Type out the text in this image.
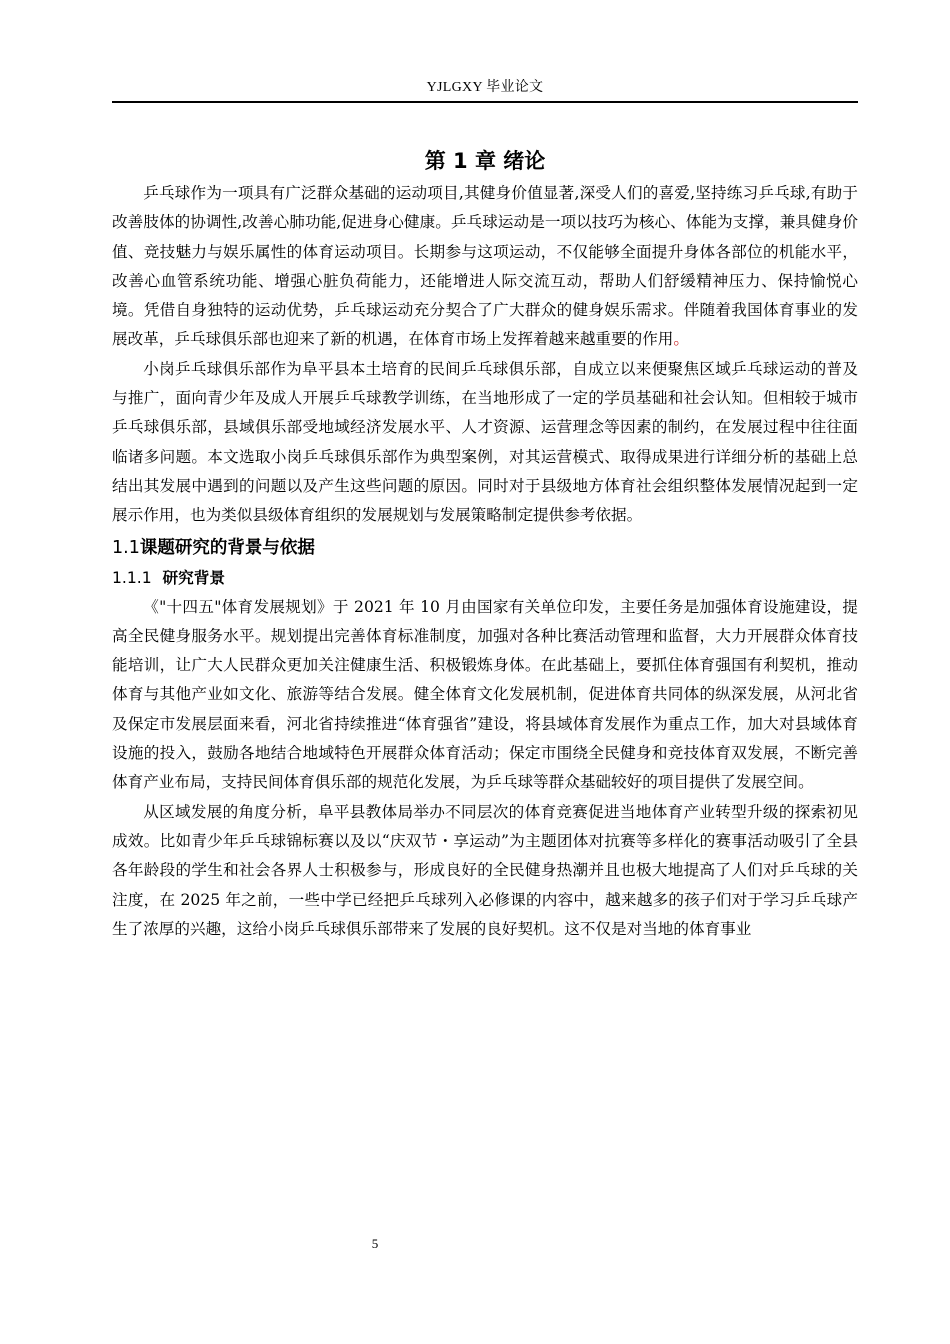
YJLGXY 毕业论文
第 1 章 绪论

乒乓球作为一项具有广泛群众基础的运动项目,其健身价值显著,深受人们的喜爱,坚持练习乒乓球,有助于改善肢体的协调性,改善心肺功能,促进身心健康。乒乓球运动是一项以技巧为核心、体能为支撑，兼具健身价值、竞技魅力与娱乐属性的体育运动项目。长期参与这项运动，不仅能够全面提升身体各部位的机能水平，改善心血管系统功能、增强心脏负荷能力，还能增进人际交流互动，帮助人们舒缓精神压力、保持愉悦心境。凭借自身独特的运动优势，乒乓球运动充分契合了广大群众的健身娱乐需求。伴随着我国体育事业的发展改革，乒乓球俱乐部也迎来了新的机遇，在体育市场上发挥着越来越重要的作用。

小岗乒乓球俱乐部作为阜平县本土培育的民间乒乓球俱乐部，自成立以来便聚焦区域乒乓球运动的普及与推广，面向青少年及成人开展乒乓球教学训练，在当地形成了一定的学员基础和社会认知。但相较于城市乒乓球俱乐部，县域俱乐部受地域经济发展水平、人才资源、运营理念等因素的制约，在发展过程中往往面临诸多问题。本文选取小岗乒乓球俱乐部作为典型案例，对其运营模式、取得成果进行详细分析的基础上总结出其发展中遇到的问题以及产生这些问题的原因。同时对于县级地方体育社会组织整体发展情况起到一定展示作用，也为类似县级体育组织的发展规划与发展策略制定提供参考依据。

1.1课题研究的背景与依据
1.1.1 研究背景

《"十四五"体育发展规划》于 2021 年 10 月由国家有关单位印发，主要任务是加强体育设施建设，提高全民健身服务水平。规划提出完善体育标准制度，加强对各种比赛活动管理和监督，大力开展群众体育技能培训，让广大人民群众更加关注健康生活、积极锻炼身体。在此基础上，要抓住体育强国有利契机，推动体育与其他产业如文化、旅游等结合发展。健全体育文化发展机制，促进体育共同体的纵深发展，从河北省及保定市发展层面来看，河北省持续推进“体育强省”建设，将县域体育发展作为重点工作，加大对县域体育设施的投入，鼓励各地结合地域特色开展群众体育活动；保定市围绕全民健身和竞技体育双发展，不断完善体育产业布局，支持民间体育俱乐部的规范化发展，为乒乓球等群众基础较好的项目提供了发展空间。

从区域发展的角度分析，阜平县教体局举办不同层次的体育竞赛促进当地体育产业转型升级的探索初见成效。比如青少年乒乓球锦标赛以及以“庆双节・享运动”为主题团体对抗赛等多样化的赛事活动吸引了全县各年龄段的学生和社会各界人士积极参与，形成良好的全民健身热潮并且也极大地提高了人们对乒乓球的关注度，在 2025 年之前，一些中学已经把乒乓球列入必修课的内容中，越来越多的孩子们对于学习乒乓球产生了浓厚的兴趣，这给小岗乒乓球俱乐部带来了发展的良好契机。这不仅是对当地的体育事业

5
